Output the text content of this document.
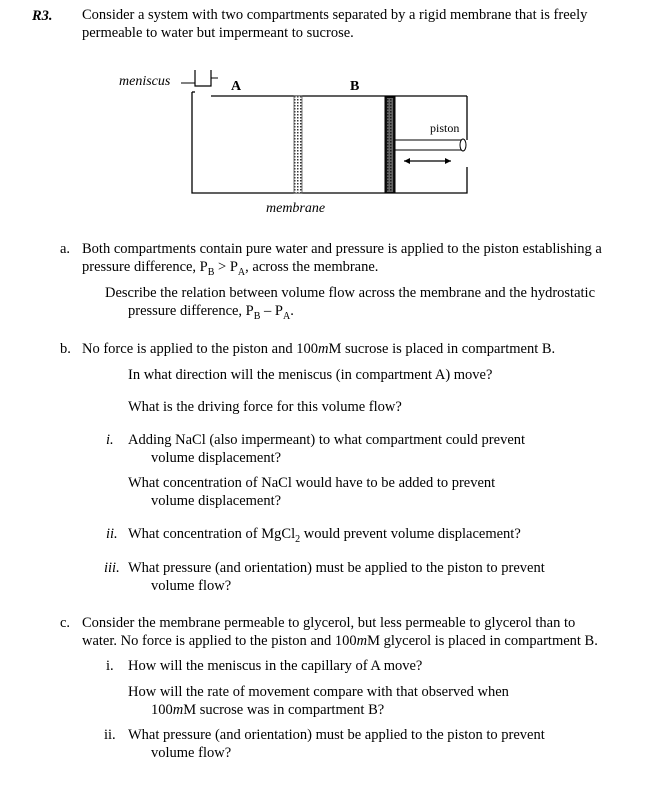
R3. Consider a system with two compartments separated by a rigid membrane that is freely
permeable to water but impermeant to sucrose.
meniscus	A	B
piston
membrane
a. Both compartments contain pure water and pressure is applied to the piston establishing a
pressure difference, $P_B > P_A$, across the membrane.
Describe the relation between volume flow across the membrane and the hydrostatic
pressure difference, $P_B - P_A$.
b. No force is applied to the piston and 100mM sucrose is placed in compartment B.
In what direction will the meniscus (in compartment A) move?
What is the driving force for this volume flow?
i. Adding NaCl (also impermeant) to what compartment could prevent
volume displacement?
What concentration of NaCl would have to be added to prevent
volume displacement?
ii. What concentration of MgCl$_2$ would prevent volume displacement?
iii. What pressure (and orientation) must be applied to the piston to prevent
volume flow?
c. Consider the membrane permeable to glycerol, but less permeable to glycerol than to
water. No force is applied to the piston and 100mM glycerol is placed in compartment B.
i. How will the meniscus in the capillary of A move?
How will the rate of movement compare with that observed when
100mM sucrose was in compartment B?
ii. What pressure (and orientation) must be applied to the piston to prevent
volume flow?
